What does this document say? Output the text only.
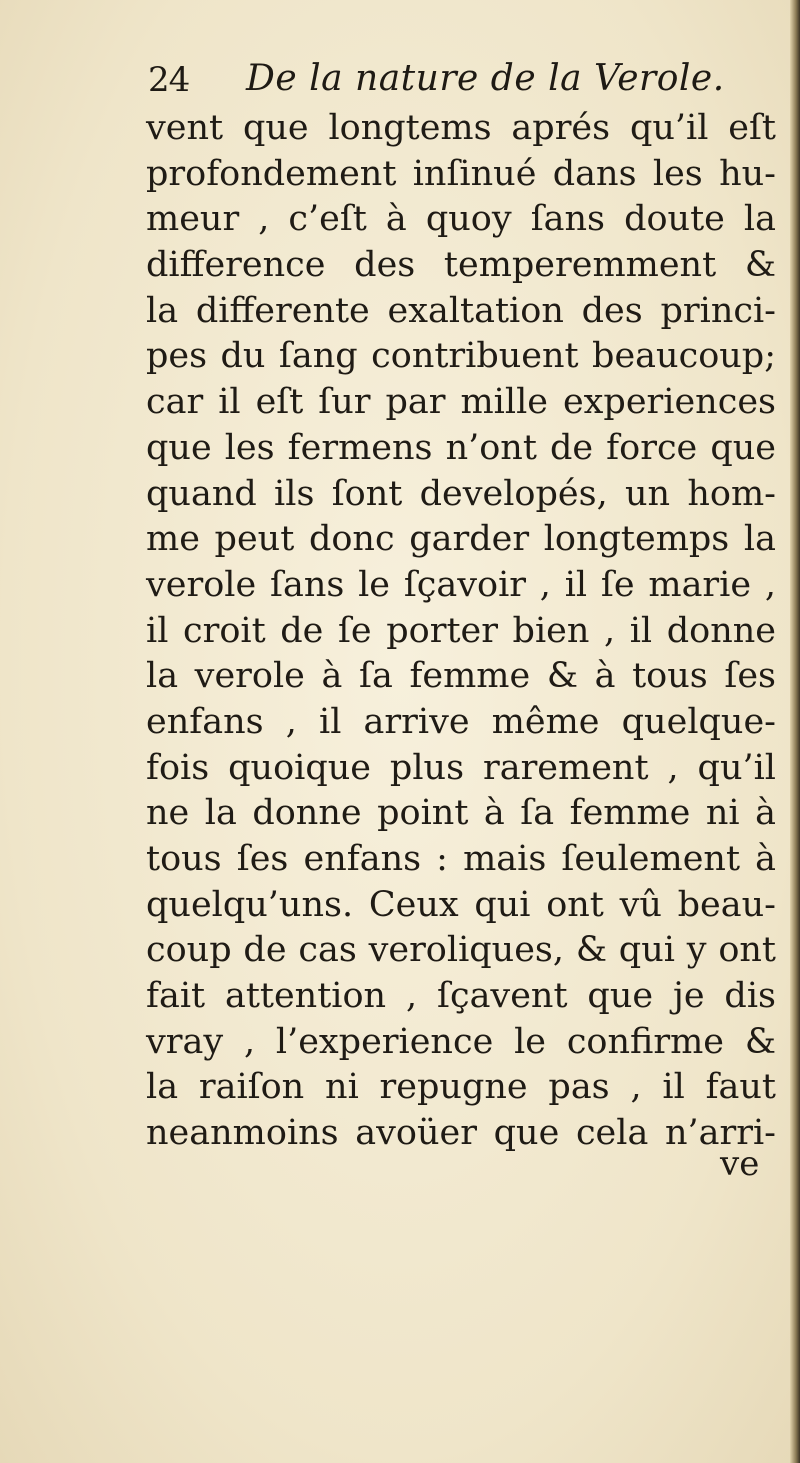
24 De la nature de la Verole.
vent que longtems aprés qu’il eſt
profondement inſinué dans les hu-
meur , c’eſt à quoy ſans doute la
difference des temperemment &
la differente exaltation des princi-
pes du ſang contribuent beaucoup;
car il eſt ſur par mille experiences
que les fermens n’ont de force que
quand ils ſont develop​és, un hom-
me peut donc garder longtemps la
verole ſans le ſçavoir , il ſe marie ,
il croit de ſe porter bien , il donne
la verole à ſa femme & à tous ſes
enfans , il arrive même quelque-
fois quoique plus rarement , qu’il
ne la donne point à ſa femme ni à
tous ſes enfans : mais ſeulement à
quelqu’uns. Ceux qui ont vû beau-
coup de cas veroliques, & qui y ont
fait attention , ſçavent que je dis
vray , l’experience le confirme &
la raiſon ni repugne pas , il faut
neanmoins avoüer que cela n’arri-
ve
